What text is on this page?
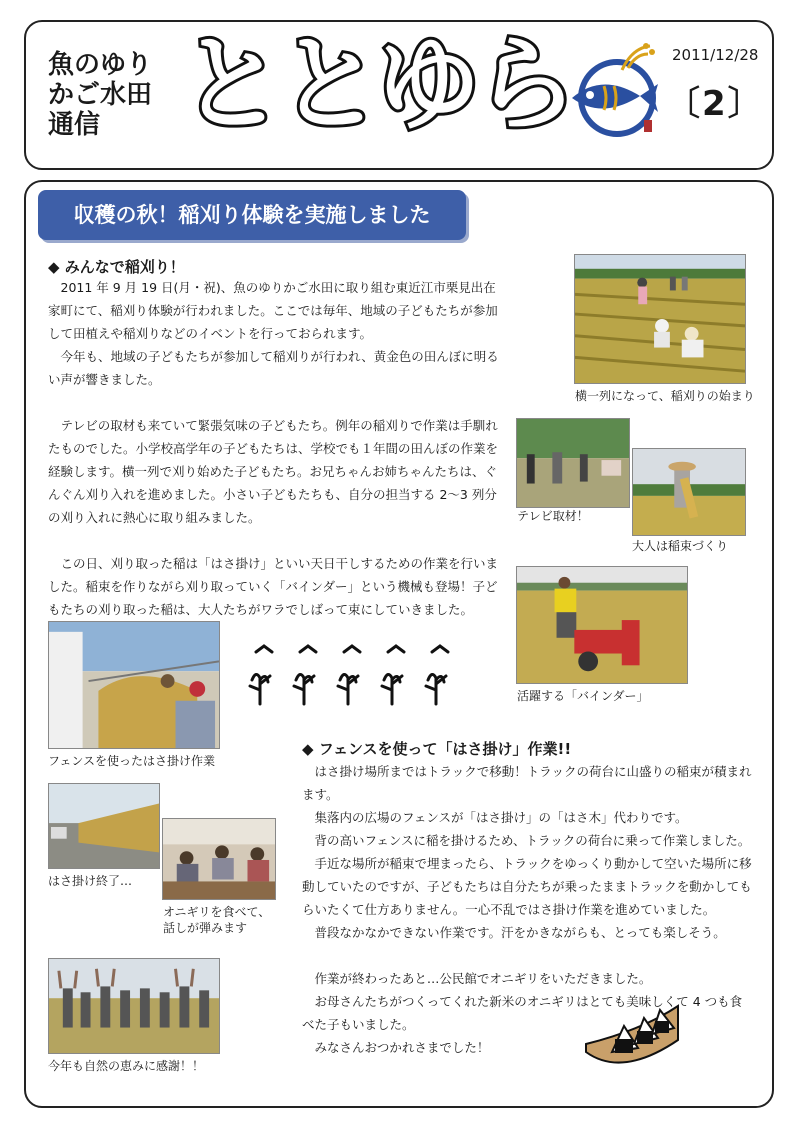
魚のゆり
かご水田
通信 ととゆら	2011/12/28
〔2〕
収穫の秋！稲刈り体験を実施しました
◆ みんなで稲刈り！

2011 年 9 月 19 日(月・祝)、魚のゆりかご水田に取り組む東近江市栗見出在家町にて、稲刈り体験が行われました。ここでは毎年、地域の子どもたちが参加して田植えや稲刈りなどのイベントを行っておられます。

今年も、地域の子どもたちが参加して稲刈りが行われ、黄金色の田んぼに明るい声が響きました。

テレビの取材も来ていて緊張気味の子どもたち。例年の稲刈りで作業は手馴れたものでした。小学校高学年の子どもたちは、学校でも１年間の田んぼの作業を経験します。横一列で刈り始めた子どもたち。お兄ちゃんお姉ちゃんたちは、ぐんぐん刈り入れを進めました。小さい子どもたちも、自分の担当する 2～3 列分の刈り入れに熱心に取り組みました。

この日、刈り取った稲は「はさ掛け」といい天日干しするための作業を行いました。稲束を作りながら刈り取っていく「バインダー」という機械も登場！子どもたちの刈り取った稲は、大人たちがワラでしばって束にしていきました。

横一列になって、稲刈りの始まり
テレビ取材！
大人は稲束づくり
活躍する「バインダー」
フェンスを使ったはさ掛け作業
はさ掛け終了…
オニギリを食べて、
話しが弾みます
今年も自然の恵みに感謝！！
◆ フェンスを使って「はさ掛け」作業!!

はさ掛け場所まではトラックで移動！トラックの荷台に山盛りの稲束が積まれます。

集落内の広場のフェンスが「はさ掛け」の「はさ木」代わりです。

背の高いフェンスに稲を掛けるため、トラックの荷台に乗って作業しました。

手近な場所が稲束で埋まったら、トラックをゆっくり動かして空いた場所に移動していたのですが、子どもたちは自分たちが乗ったままトラックを動かしてもらいたくて仕方ありません。一心不乱ではさ掛け作業を進めていました。

普段なかなかできない作業です。汗をかきながらも、とっても楽しそう。

作業が終わったあと…公民館でオニギリをいただきました。

お母さんたちがつくってくれた新米のオニギリはとても美味しくて 4 つも食べた子もいました。

みなさんおつかれさまでした！
